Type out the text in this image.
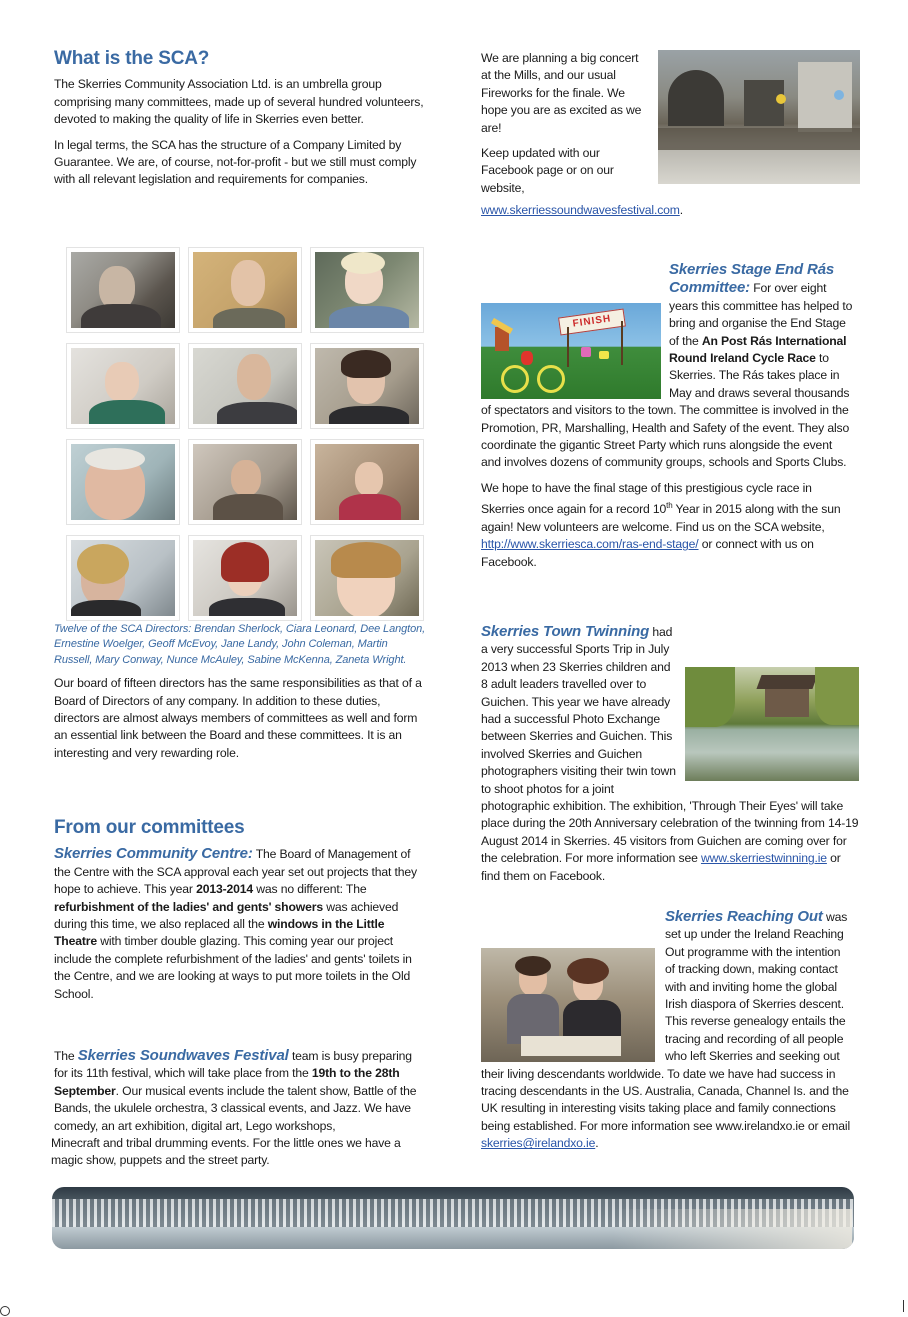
What is the SCA?

The Skerries Community Association Ltd. is an umbrella group comprising many committees, made up of several hundred volunteers, devoted to making the quality of life in Skerries even better.

In legal terms, the SCA has the structure of a Company Limited by Guarantee. We are, of course, not-for-profit - but we still must comply with all relevant legislation and requirements for companies.

Twelve of the SCA Directors: Brendan Sherlock, Ciara Leonard, Dee Langton, Ernestine Woelger, Geoff McEvoy, Jane Landy, John Coleman, Martin Russell, Mary Conway, Nunce McAuley, Sabine McKenna, Zaneta Wright.

Our board of fifteen directors has the same responsibilities as that of a Board of Directors of any company. In addition to these duties, directors are almost always members of committees as well and form an essential link between the Board and these committees. It is an interesting and very rewarding role.

From our committees

Skerries Community Centre: The Board of Management of the Centre with the SCA approval each year set out projects that they hope to achieve. This year 2013-2014 was no different: The refurbishment of the ladies' and gents' showers was achieved during this time, we also replaced all the windows in the Little Theatre with timber double glazing. This coming year our project include the complete refurbishment of the ladies' and gents' toilets in the Centre, and we are looking at ways to put more toilets in the Old School.

The Skerries Soundwaves Festival team is busy preparing for its 11th festival, which will take place from the 19th to the 28th September. Our musical events include the talent show, Battle of the Bands, the ukulele orchestra, 3 classical events, and Jazz. We have comedy, an art exhibition, digital art, Lego workshops,

Minecraft and tribal drumming events. For the little ones we have a magic show, puppets and the street party.

We are planning a big concert at the Mills, and our usual Fireworks for the finale. We hope you are as excited as we are!

Keep updated with our Facebook page or on our website,

www.skerriessoundwavesfestival.com.
FINISH

Skerries Stage End Rás Committee: For over eight years this committee has helped to bring and organise the End Stage of the An Post Rás International Round Ireland Cycle Race to Skerries. The Rás takes place in May and draws several thousands of spectators and visitors to the town. The committee is involved in the Promotion, PR, Marshalling, Health and Safety of the event. They also coordinate the gigantic Street Party which runs alongside the event and involves dozens of community groups, schools and Sports Clubs.

We hope to have the final stage of this prestigious cycle race in Skerries once again for a record 10th Year in 2015 along with the sun again! New volunteers are welcome. Find us on the SCA website, http://www.skerriesca.com/ras-end-stage/ or connect with us on Facebook.

Skerries Town Twinning had a very successful Sports Trip in July 2013 when 23 Skerries children and 8 adult leaders travelled over to Guichen. This year we have already had a successful Photo Exchange between Skerries and Guichen. This involved Skerries and Guichen photographers visiting their twin town to shoot photos for a joint photographic exhibition. The exhibition, 'Through Their Eyes' will take place during the 20th Anniversary celebration of the twinning from 14-19 August 2014 in Skerries. 45 visitors from Guichen are coming over for the celebration. For more information see www.skerriestwinning.ie or find them on Facebook.

Skerries Reaching Out was set up under the Ireland Reaching Out programme with the intention of tracking down, making contact with and inviting home the global Irish diaspora of Skerries descent. This reverse genealogy entails the tracing and recording of all people who left Skerries and seeking out their living descendants worldwide. To date we have had success in tracing descendants in the US. Australia, Canada, Channel Is. and the UK resulting in interesting visits taking place and family connections being established. For more information see www.irelandxo.ie or email

skerries@irelandxo.ie.
